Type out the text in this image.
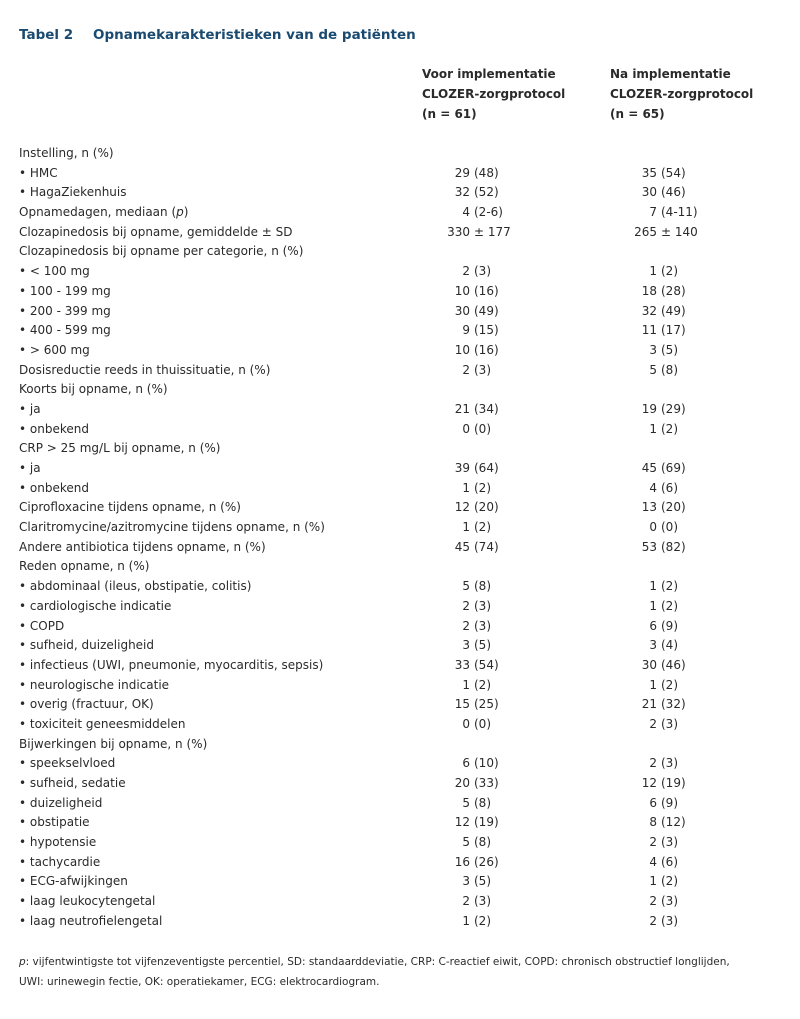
Tabel 2 Opnamekarakteristieken van de patiënten
Voor implementatie
CLOZER-zorgprotocol
(n = 61)
Na implementatie
CLOZER-zorgprotocol
(n = 65)
Instelling, n (%)
• HMC	29 (48)	35 (54)
• HagaZiekenhuis	32 (52)	30 (46)
Opnamedagen, mediaan (p)	4 (2-6)	7 (4-11)
Clozapinedosis bij opname, gemiddelde ± SD	330 ± 177	265 ± 140
Clozapinedosis bij opname per categorie, n (%)
• < 100 mg	2 (3)	1 (2)
• 100 - 199 mg	10 (16)	18 (28)
• 200 - 399 mg	30 (49)	32 (49)
• 400 - 599 mg	9 (15)	11 (17)
• > 600 mg	10 (16)	3 (5)
Dosisreductie reeds in thuissituatie, n (%)	2 (3)	5 (8)
Koorts bij opname, n (%)
• ja	21 (34)	19 (29)
• onbekend	0 (0)	1 (2)
CRP > 25 mg/L bij opname, n (%)
• ja	39 (64)	45 (69)
• onbekend	1 (2)	4 (6)
Ciprofloxacine tijdens opname, n (%)	12 (20)	13 (20)
Claritromycine/azitromycine tijdens opname, n (%)	1 (2)	0 (0)
Andere antibiotica tijdens opname, n (%)	45 (74)	53 (82)
Reden opname, n (%)
• abdominaal (ileus, obstipatie, colitis)	5 (8)	1 (2)
• cardiologische indicatie	2 (3)	1 (2)
• COPD	2 (3)	6 (9)
• sufheid, duizeligheid	3 (5)	3 (4)
• infectieus (UWI, pneumonie, myocarditis, sepsis)	33 (54)	30 (46)
• neurologische indicatie	1 (2)	1 (2)
• overig (fractuur, OK)	15 (25)	21 (32)
• toxiciteit geneesmiddelen	0 (0)	2 (3)
Bijwerkingen bij opname, n (%)
• speekselvloed	6 (10)	2 (3)
• sufheid, sedatie	20 (33)	12 (19)
• duizeligheid	5 (8)	6 (9)
• obstipatie	12 (19)	8 (12)
• hypotensie	5 (8)	2 (3)
• tachycardie	16 (26)	4 (6)
• ECG-afwijkingen	3 (5)	1 (2)
• laag leukocytengetal	2 (3)	2 (3)
• laag neutrofielengetal	1 (2)	2 (3)
p: vijfentwintigste tot vijfenzeventigste percentiel, SD: standaarddeviatie, CRP: C-reactief eiwit, COPD: chronisch obstructief longlijden,
UWI: urinewegin fectie, OK: operatiekamer, ECG: elektrocardiogram.
